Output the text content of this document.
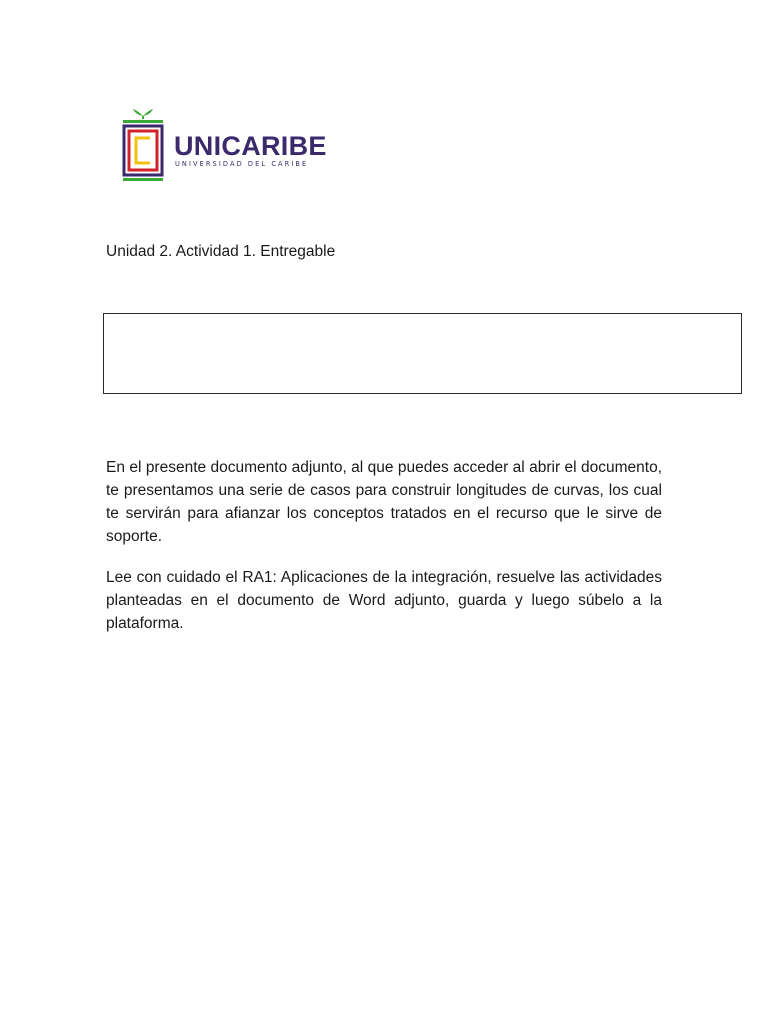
UNICARIBE
UNIVERSIDAD DEL CARIBE
Unidad 2. Actividad 1. Entregable

En el presente documento adjunto, al que puedes acceder al abrir el documento, te presentamos una serie de casos para construir longitudes de curvas, los cual te servirán para afianzar los conceptos tratados en el recurso que le sirve de soporte.

Lee con cuidado el RA1: Aplicaciones de la integración, resuelve las actividades planteadas en el documento de Word adjunto, guarda y luego súbelo a la plataforma.
